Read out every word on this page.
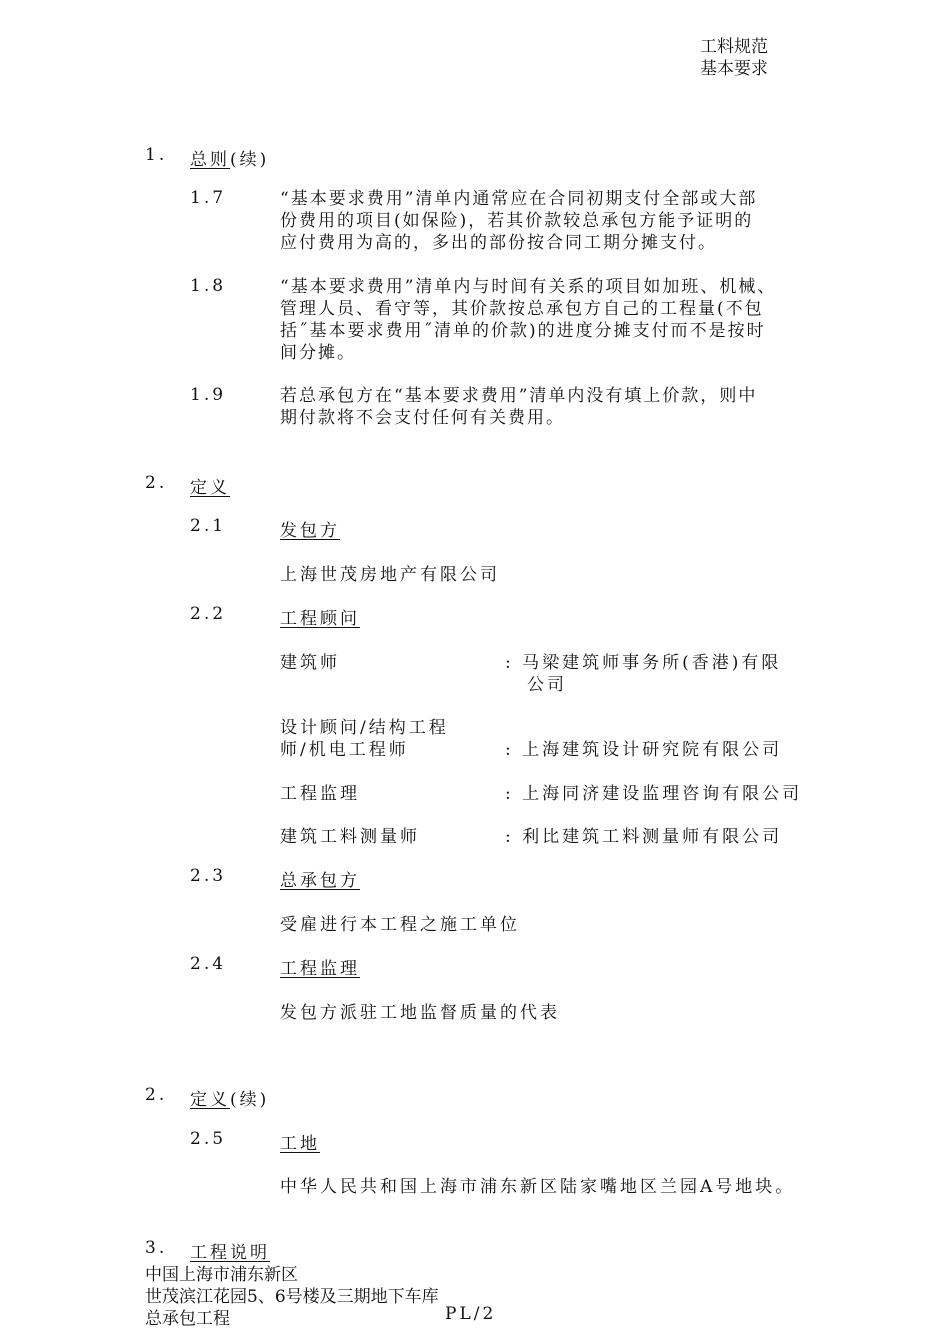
工料规范
基本要求
1. 总则(续)
1.7	“基本要求费用”清单内通常应在合同初期支付全部或大部
份费用的项目(如保险)，若其价款较总承包方能予证明的
应付费用为高的，多出的部份按合同工期分摊支付。
1.8	“基本要求费用”清单内与时间有关系的项目如加班、机械、
管理人员、看守等，其价款按总承包方自己的工程量(不包
括˝基本要求费用˝清单的价款)的进度分摊支付而不是按时
间分摊。
1.9	若总承包方在“基本要求费用”清单内没有填上价款，则中
期付款将不会支付任何有关费用。
2. 定义
2.1	发包方
上海世茂房地产有限公司
2.2	工程顾问
建筑师	: 马梁建筑师事务所(香港)有限
公司
设计顾问/结构工程
师/机电工程师	: 上海建筑设计研究院有限公司
工程监理	: 上海同济建设监理咨询有限公司
建筑工料测量师	: 利比建筑工料测量师有限公司
2.3	总承包方
受雇进行本工程之施工单位
2.4	工程监理
发包方派驻工地监督质量的代表
2. 定义(续)
2.5	工地
中华人民共和国上海市浦东新区陆家嘴地区兰园A号地块。
3. 工程说明
中国上海市浦东新区
世茂滨江花园5、6号楼及三期地下车库
总承包工程	PL/2
